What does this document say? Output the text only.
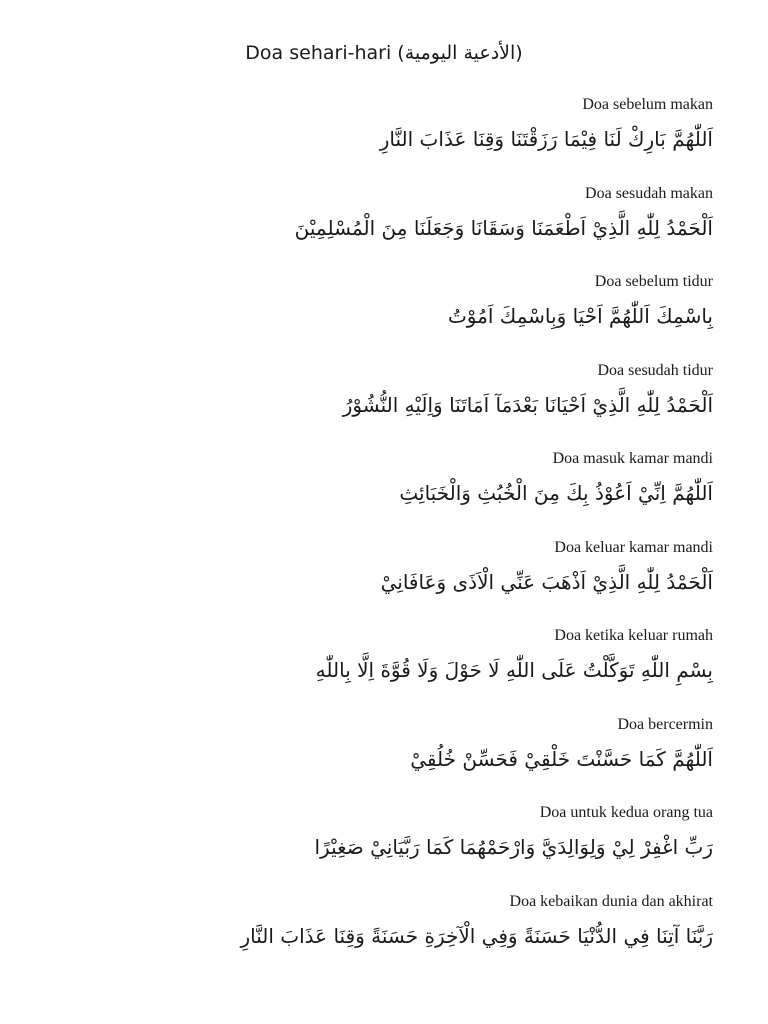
Doa sehari-hari (الأدعية اليومية)
Doa sebelum makan
اَللّٰهُمَّ بَارِكْ لَنَا فِيْمَا رَزَقْتَنَا وَقِنَا عَذَابَ النَّارِ
Doa sesudah makan
اَلْحَمْدُ لِلّٰهِ الَّذِيْ اَطْعَمَنَا وَسَقَانَا وَجَعَلَنَا مِنَ الْمُسْلِمِيْنَ
Doa sebelum tidur
بِاسْمِكَ اَللّٰهُمَّ اَحْيَا وَبِاسْمِكَ اَمُوْتُ
Doa sesudah tidur
اَلْحَمْدُ لِلّٰهِ الَّذِيْ اَحْيَانَا بَعْدَمَآ اَمَاتَنَا وَاِلَيْهِ النُّشُوْرُ
Doa masuk kamar mandi
اَللّٰهُمَّ اِنِّيْ اَعُوْذُ بِكَ مِنَ الْخُبُثِ وَالْخَبَائِثِ
Doa keluar kamar mandi
اَلْحَمْدُ لِلّٰهِ الَّذِيْ اَذْهَبَ عَنِّي الْاَذَى وَعَافَانِيْ
Doa ketika keluar rumah
بِسْمِ اللّٰهِ تَوَكَّلْتُ عَلَى اللّٰهِ لَا حَوْلَ وَلَا قُوَّةَ اِلَّا بِاللّٰهِ
Doa bercermin
اَللّٰهُمَّ كَمَا حَسَّنْتَ خَلْقِيْ فَحَسِّنْ خُلُقِيْ
Doa untuk kedua orang tua
رَبِّ اغْفِرْ لِيْ وَلِوَالِدَيَّ وَارْحَمْهُمَا كَمَا رَبَّيَانِيْ صَغِيْرًا
Doa kebaikan dunia dan akhirat
رَبَّنَا آتِنَا فِي الدُّنْيَا حَسَنَةً وَفِي الْآخِرَةِ حَسَنَةً وَقِنَا عَذَابَ النَّارِ
